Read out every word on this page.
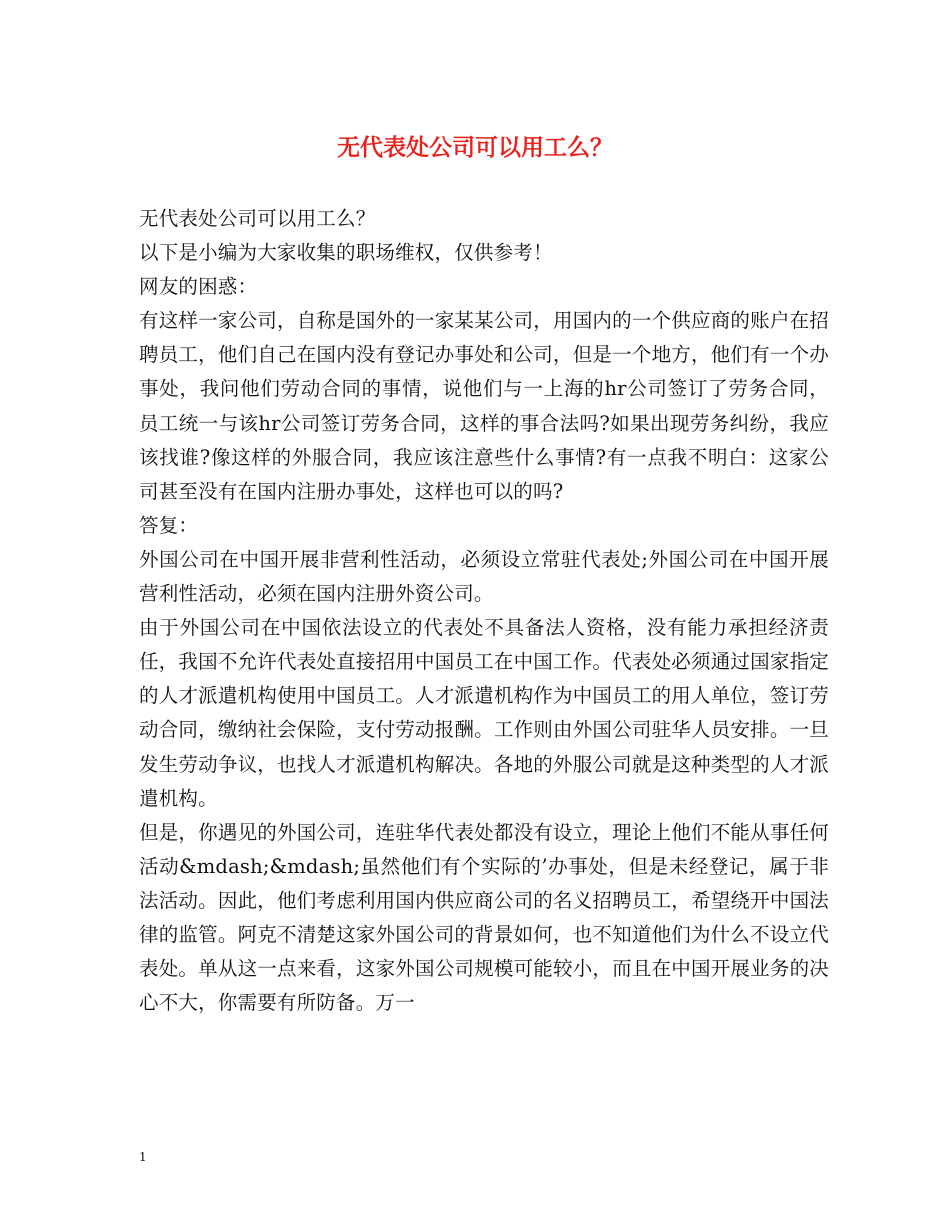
无代表处公司可以用工么？

无代表处公司可以用工么？

以下是小编为大家收集的职场维权，仅供参考！

网友的困惑：

有这样一家公司，自称是国外的一家某某公司，用国内的一个供应商的账户在招聘员工，他们自己在国内没有登记办事处和公司，但是一个地方，他们有一个办事处，我问他们劳动合同的事情，说他们与一上海的hr公司签订了劳务合同，员工统一与该hr公司签订劳务合同，这样的事合法吗?如果出现劳务纠纷，我应该找谁?像这样的外服合同，我应该注意些什么事情?有一点我不明白：这家公司甚至没有在国内注册办事处，这样也可以的吗?

答复：

外国公司在中国开展非营利性活动，必须设立常驻代表处;外国公司在中国开展营利性活动，必须在国内注册外资公司。

由于外国公司在中国依法设立的代表处不具备法人资格，没有能力承担经济责任，我国不允许代表处直接招用中国员工在中国工作。代表处必须通过国家指定的人才派遣机构使用中国员工。人才派遣机构作为中国员工的用人单位，签订劳动合同，缴纳社会保险，支付劳动报酬。工作则由外国公司驻华人员安排。一旦发生劳动争议，也找人才派遣机构解决。各地的外服公司就是这种类型的人才派遣机构。

但是，你遇见的外国公司，连驻华代表处都没有设立，理论上他们不能从事任何活动&mdash;&mdash;虽然他们有个实际的’办事处，但是未经登记，属于非法活动。因此，他们考虑利用国内供应商公司的名义招聘员工，希望绕开中国法律的监管。阿克不清楚这家外国公司的背景如何，也不知道他们为什么不设立代表处。单从这一点来看，这家外国公司规模可能较小，而且在中国开展业务的决心不大，你需要有所防备。万一

1
